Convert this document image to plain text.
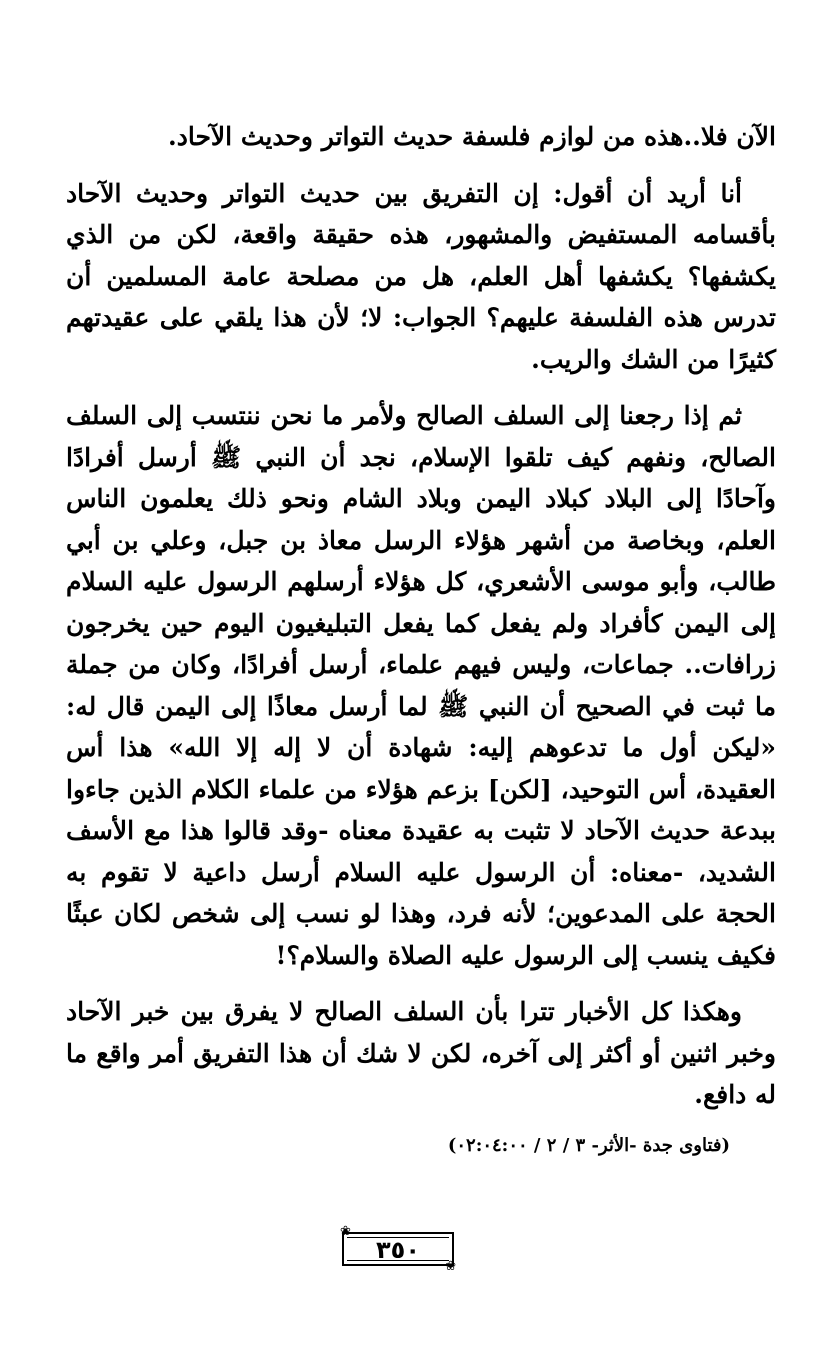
الآن فلا..هذه من لوازم فلسفة حديث التواتر وحديث الآحاد.

أنا أريد أن أقول: إن التفريق بين حديث التواتر وحديث الآحاد بأقسامه المستفيض والمشهور، هذه حقيقة واقعة، لكن من الذي يكشفها؟ يكشفها أهل العلم، هل من مصلحة عامة المسلمين أن تدرس هذه الفلسفة عليهم؟ الجواب: لا؛ لأن هذا يلقي على عقيدتهم كثيرًا من الشك والريب.

ثم إذا رجعنا إلى السلف الصالح ولأمر ما نحن ننتسب إلى السلف الصالح، ونفهم كيف تلقوا الإسلام، نجد أن النبي ﷺ أرسل أفرادًا وآحادًا إلى البلاد كبلاد اليمن وبلاد الشام ونحو ذلك يعلمون الناس العلم، وبخاصة من أشهر هؤلاء الرسل معاذ بن جبل، وعلي بن أبي طالب، وأبو موسى الأشعري، كل هؤلاء أرسلهم الرسول عليه السلام إلى اليمن كأفراد ولم يفعل كما يفعل التبليغيون اليوم حين يخرجون زرافات.. جماعات، وليس فيهم علماء، أرسل أفرادًا، وكان من جملة ما ثبت في الصحيح أن النبي ﷺ لما أرسل معاذًا إلى اليمن قال له: «ليكن أول ما تدعوهم إليه: شهادة أن لا إله إلا الله» هذا أس العقيدة، أس التوحيد، [لكن] بزعم هؤلاء من علماء الكلام الذين جاءوا ببدعة حديث الآحاد لا تثبت به عقيدة معناه -وقد قالوا هذا مع الأسف الشديد، -معناه: أن الرسول عليه السلام أرسل داعية لا تقوم به الحجة على المدعوين؛ لأنه فرد، وهذا لو نسب إلى شخص لكان عبثًا فكيف ينسب إلى الرسول عليه الصلاة والسلام؟!

وهكذا كل الأخبار تترا بأن السلف الصالح لا يفرق بين خبر الآحاد وخبر اثنين أو أكثر إلى آخره، لكن لا شك أن هذا التفريق أمر واقع ما له دافع.

(فتاوى جدة -الأثر- ٣ / ٢ / ٠٢:٠٤:٠٠)
❀
❀
٣٥٠
